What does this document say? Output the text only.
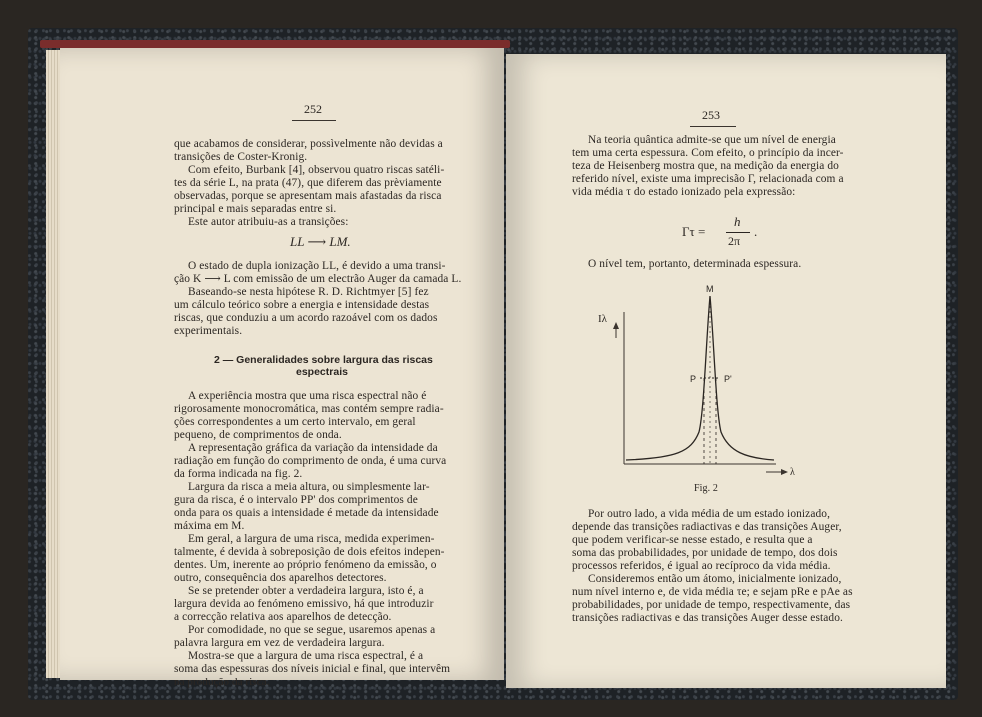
252
que acabamos de considerar, possìvelmente não devidas a
transições de Coster-Kronig.
Com efeito, Burbank [4], observou quatro riscas satéli-
tes da série L, na prata (47), que diferem das prèviamente
observadas, porque se apresentam mais afastadas da risca
principal e mais separadas entre si.
Este autor atribuiu-as a transições:
LL ⟶ LM.
O estado de dupla ionização LL, é devido a uma transi-
ção K ⟶ L com emissão de um electrão Auger da camada L.
Baseando-se nesta hipótese R. D. Richtmyer [5] fez
um cálculo teórico sobre a energia e intensidade destas
riscas, que conduziu a um acordo razoável com os dados
experimentais.
2 — Generalidades sobre largura das riscas
espectrais
A experiência mostra que uma risca espectral não é
rigorosamente monocromática, mas contém sempre radia-
ções correspondentes a um certo intervalo, em geral
pequeno, de comprimentos de onda.
A representação gráfica da variação da intensidade da
radiação em função do comprimento de onda, é uma curva
da forma indicada na fig. 2.
Largura da risca a meia altura, ou simplesmente lar-
gura da risca, é o intervalo PP' dos comprimentos de
onda para os quais a intensidade é metade da intensidade
máxima em M.
Em geral, a largura de uma risca, medida experimen-
talmente, é devida à sobreposição de dois efeitos indepen-
dentes. Um, inerente ao próprio fenómeno da emissão, o
outro, consequência dos aparelhos detectores.
Se se pretender obter a verdadeira largura, isto é, a
largura devida ao fenómeno emissivo, há que introduzir
a correcção relativa aos aparelhos de detecção.
Por comodidade, no que se segue, usaremos apenas a
palavra largura em vez de verdadeira largura.
Mostra-se que a largura de uma risca espectral, é a
soma das espessuras dos níveis inicial e final, que intervêm
na produção da risca.
253
Na teoria quântica admite-se que um nível de energia
tem uma certa espessura. Com efeito, o princípio da incer-
teza de Heisenberg mostra que, na medição da energia do
referido nível, existe uma imprecisão Γ, relacionada com a
vida média τ do estado ionizado pela expressão:
Γτ =
h
2π
.
O nível tem, portanto, determinada espessura.
Iλ
λ
M
P	P'
Fig. 2
Por outro lado, a vida média de um estado ionizado,
depende das transições radiactivas e das transições Auger,
que podem verificar-se nesse estado, e resulta que a
soma das probabilidades, por unidade de tempo, dos dois
processos referidos, é igual ao recíproco da vida média.
Consideremos então um átomo, inicialmente ionizado,
num nível interno e, de vida média τe; e sejam pRe e pAe as
probabilidades, por unidade de tempo, respectivamente, das
transições radiactivas e das transições Auger desse estado.
